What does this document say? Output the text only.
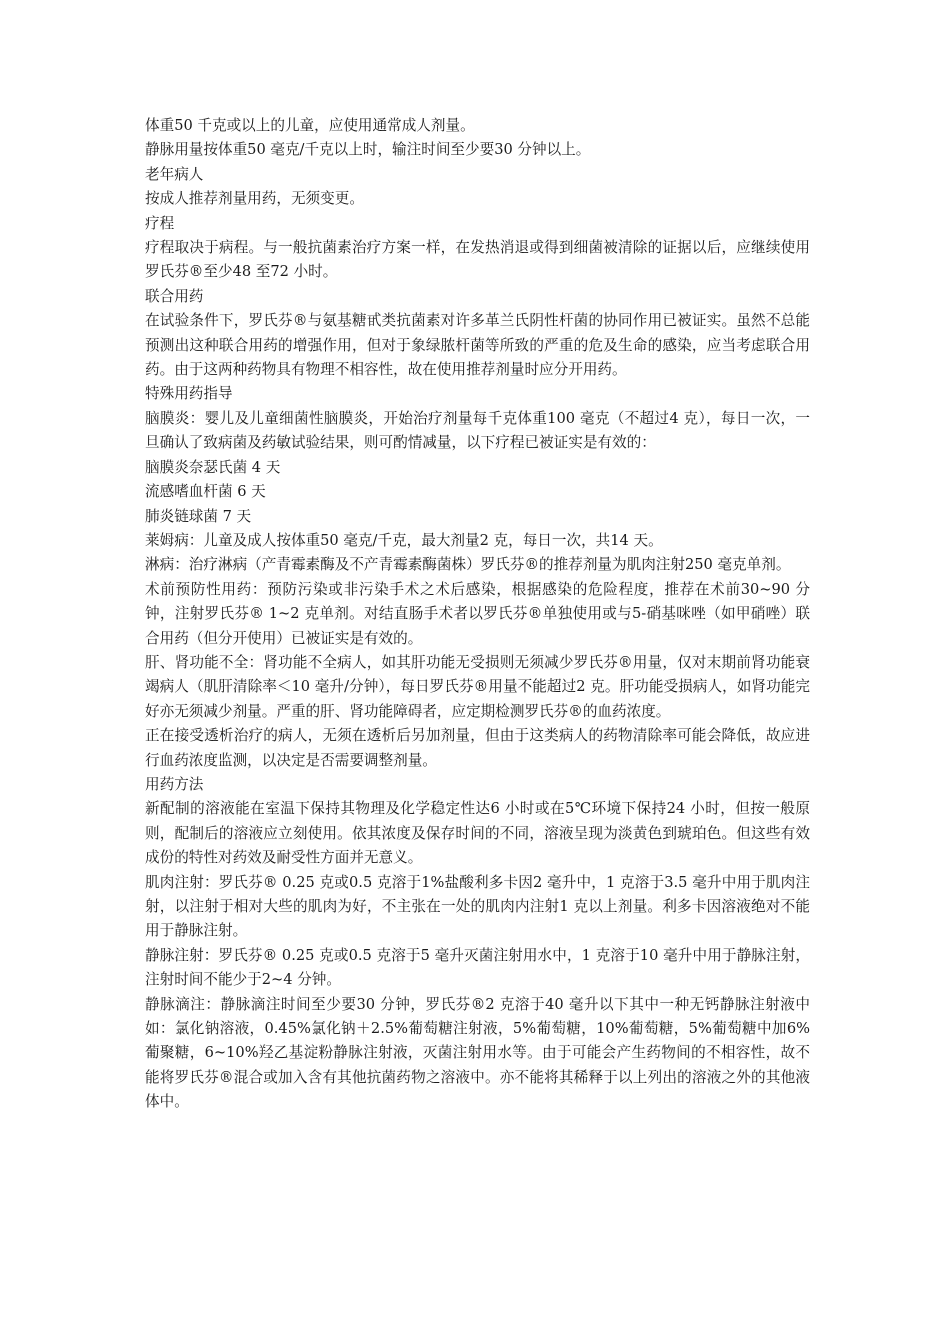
体重50 千克或以上的儿童，应使用通常成人剂量。

静脉用量按体重50 毫克/千克以上时，输注时间至少要30 分钟以上。

老年病人

按成人推荐剂量用药，无须变更。

疗程

疗程取决于病程。与一般抗菌素治疗方案一样，在发热消退或得到细菌被清除的证据以后，应继续使用罗氏芬®至少48 至72 小时。

联合用药

在试验条件下，罗氏芬®与氨基糖甙类抗菌素对许多革兰氏阴性杆菌的协同作用已被证实。虽然不总能预测出这种联合用药的增强作用，但对于象绿脓杆菌等所致的严重的危及生命的感染，应当考虑联合用药。由于这两种药物具有物理不相容性，故在使用推荐剂量时应分开用药。

特殊用药指导

脑膜炎：婴儿及儿童细菌性脑膜炎，开始治疗剂量每千克体重100 毫克（不超过4 克），每日一次，一旦确认了致病菌及药敏试验结果，则可酌情减量，以下疗程已被证实是有效的：

脑膜炎奈瑟氏菌 4 天

流感嗜血杆菌 6 天

肺炎链球菌 7 天

莱姆病：儿童及成人按体重50 毫克/千克，最大剂量2 克，每日一次，共14 天。

淋病：治疗淋病（产青霉素酶及不产青霉素酶菌株）罗氏芬®的推荐剂量为肌肉注射250 毫克单剂。

术前预防性用药：预防污染或非污染手术之术后感染，根据感染的危险程度，推荐在术前30~90 分钟，注射罗氏芬® 1~2 克单剂。对结直肠手术者以罗氏芬®单独使用或与5-硝基咪唑（如甲硝唑）联合用药（但分开使用）已被证实是有效的。

肝、肾功能不全：肾功能不全病人，如其肝功能无受损则无须减少罗氏芬®用量，仅对末期前肾功能衰竭病人（肌肝清除率＜10 毫升/分钟），每日罗氏芬®用量不能超过2 克。肝功能受损病人，如肾功能完好亦无须减少剂量。严重的肝、肾功能障碍者，应定期检测罗氏芬®的血药浓度。

正在接受透析治疗的病人，无须在透析后另加剂量，但由于这类病人的药物清除率可能会降低，故应进行血药浓度监测，以决定是否需要调整剂量。

用药方法

新配制的溶液能在室温下保持其物理及化学稳定性达6 小时或在5℃环境下保持24 小时，但按一般原则，配制后的溶液应立刻使用。依其浓度及保存时间的不同，溶液呈现为淡黄色到琥珀色。但这些有效成份的特性对药效及耐受性方面并无意义。

肌肉注射：罗氏芬® 0.25 克或0.5 克溶于1%盐酸利多卡因2 毫升中，1 克溶于3.5 毫升中用于肌肉注射，以注射于相对大些的肌肉为好，不主张在一处的肌肉内注射1 克以上剂量。利多卡因溶液绝对不能用于静脉注射。

静脉注射：罗氏芬® 0.25 克或0.5 克溶于5 毫升灭菌注射用水中，1 克溶于10 毫升中用于静脉注射，注射时间不能少于2~4 分钟。

静脉滴注：静脉滴注时间至少要30 分钟，罗氏芬®2 克溶于40 毫升以下其中一种无钙静脉注射液中如：氯化钠溶液，0.45%氯化钠＋2.5%葡萄糖注射液，5%葡萄糖，10%葡萄糖，5%葡萄糖中加6%葡聚糖，6~10%羟乙基淀粉静脉注射液，灭菌注射用水等。由于可能会产生药物间的不相容性，故不能将罗氏芬®混合或加入含有其他抗菌药物之溶液中。亦不能将其稀释于以上列出的溶液之外的其他液体中。
